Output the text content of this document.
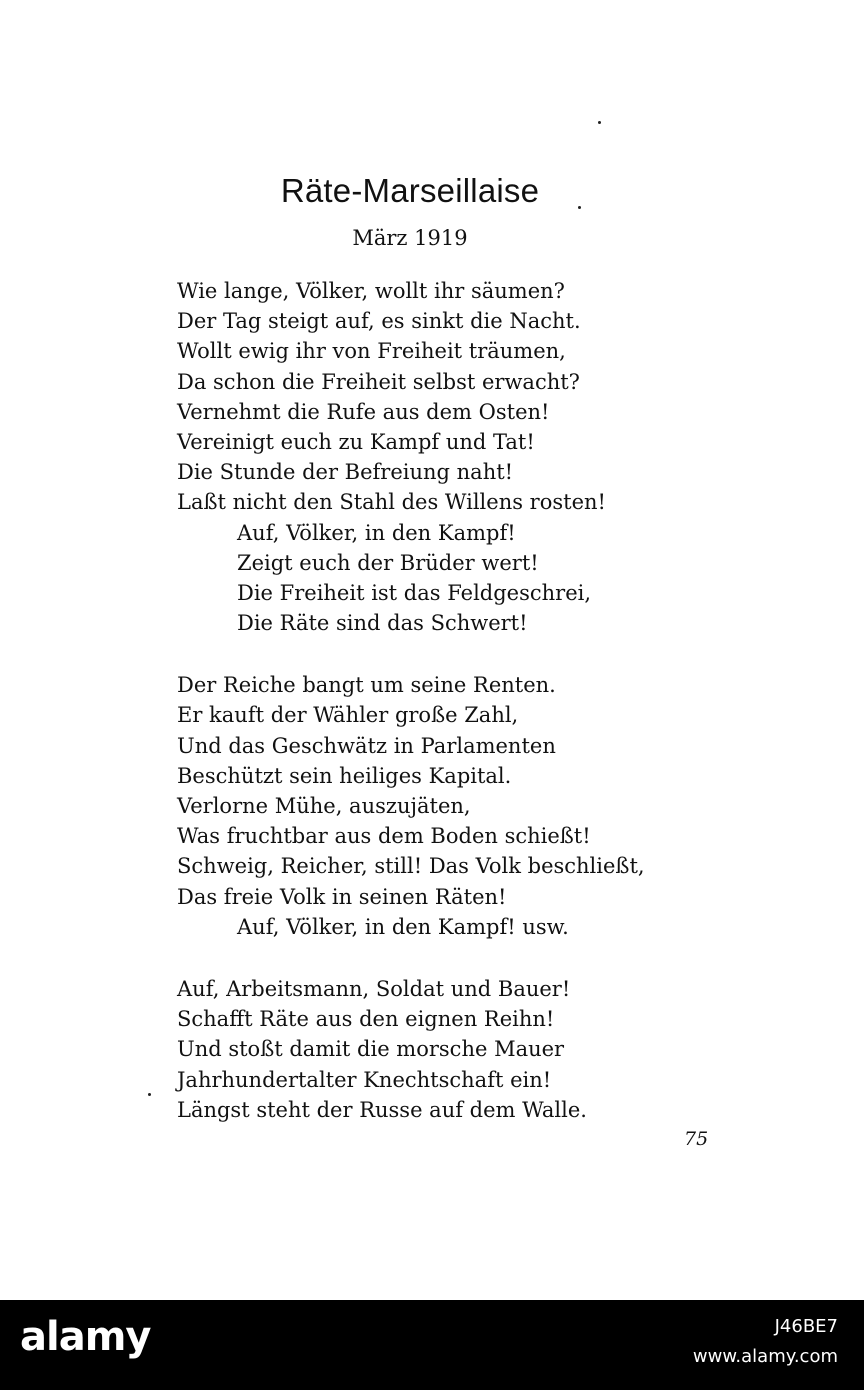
Räte-Marseillaise
März 1919
Wie lange, Völker, wollt ihr säumen?
Der Tag steigt auf, es sinkt die Nacht.
Wollt ewig ihr von Freiheit träumen,
Da schon die Freiheit selbst erwacht?
Vernehmt die Rufe aus dem Osten!
Vereinigt euch zu Kampf und Tat!
Die Stunde der Befreiung naht!
Laßt nicht den Stahl des Willens rosten!
Auf, Völker, in den Kampf!
Zeigt euch der Brüder wert!
Die Freiheit ist das Feldgeschrei,
Die Räte sind das Schwert!
Der Reiche bangt um seine Renten.
Er kauft der Wähler große Zahl,
Und das Geschwätz in Parlamenten
Beschützt sein heiliges Kapital.
Verlorne Mühe, auszujäten,
Was fruchtbar aus dem Boden schießt!
Schweig, Reicher, still! Das Volk beschließt,
Das freie Volk in seinen Räten!
Auf, Völker, in den Kampf! usw.
Auf, Arbeitsmann, Soldat und Bauer!
Schafft Räte aus den eignen Reihn!
Und stoßt damit die morsche Mauer
Jahrhundertalter Knechtschaft ein!
Längst steht der Russe auf dem Walle.
75
alamy	J46BE7
www.alamy.com
